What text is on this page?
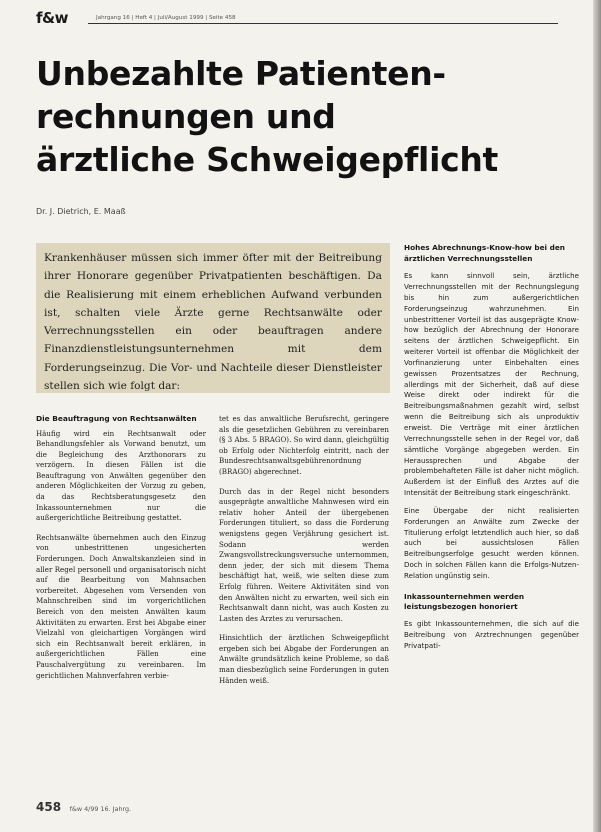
f&w	Jahrgang 16 | Heft 4 | Juli/August 1999 | Seite 458
Unbezahlte Patienten-
rechnungen und
ärztliche Schweigepflicht
Dr. J. Dietrich, E. Maaß

Krankenhäuser müssen sich immer öfter mit der Beitreibung ihrer Honorare gegenüber Privatpatienten beschäftigen. Da die Realisierung mit einem erheblichen Aufwand verbunden ist, schalten viele Ärzte gerne Rechtsanwälte oder Verrechnungsstellen ein oder beauftragen andere Finanzdienstleistungsunternehmen mit dem Forderungseinzug. Die Vor- und Nachteile dieser Dienstleister stellen sich wie folgt dar:

Die Beauftragung von Rechtsanwälten

Häufig wird ein Rechtsanwalt oder Behandlungsfehler als Vorwand benutzt, um die Begleichung des Arzthonorars zu verzögern. In diesen Fällen ist die Beauftragung von Anwälten gegenüber den anderen Möglichkeiten der Vorzug zu geben, da das Rechtsberatungsgesetz den Inkassounternehmen nur die außergerichtliche Beitreibung gestattet.

Rechtsanwälte übernehmen auch den Einzug von unbestrittenen ungesicherten Forderungen. Doch Anwaltskanzleien sind in aller Regel personell und organisatorisch nicht auf die Bearbeitung von Mahnsachen vorbereitet. Abgesehen vom Versenden von Mahnschreiben sind im vorgerichtlichen Bereich von den meisten Anwälten kaum Aktivitäten zu erwarten. Erst bei Abgabe einer Vielzahl von gleichartigen Vorgängen wird sich ein Rechtsanwalt bereit erklären, in außergerichtlichen Fällen eine Pauschalvergütung zu vereinbaren. Im gerichtlichen Mahnverfahren verbie-

tet es das anwaltliche Berufsrecht, geringere als die gesetzlichen Gebühren zu vereinbaren (§ 3 Abs. 5 BRAGO). So wird dann, gleichgültig ob Erfolg oder Nichterfolg eintritt, nach der Bundesrechtsanwaltsgebührenordnung (BRAGO) abgerechnet.

Durch das in der Regel nicht besonders ausgeprägte anwaltliche Mahnwesen wird ein relativ hoher Anteil der übergebenen Forderungen tituliert, so dass die Forderung wenigstens gegen Verjährung gesichert ist. Sodann werden Zwangsvollstreckungsversuche unternommen, denn jeder, der sich mit diesem Thema beschäftigt hat, weiß, wie selten diese zum Erfolg führen. Weitere Aktivitäten sind von den Anwälten nicht zu erwarten, weil sich ein Rechtsanwalt dann nicht, was auch Kosten zu Lasten des Arztes zu verursachen.

Hinsichtlich der ärztlichen Schweigepflicht ergeben sich bei Abgabe der Forderungen an Anwälte grundsätzlich keine Probleme, so daß man diesbezüglich seine Forderungen in guten Händen weiß.

Hohes Abrechnungs-Know-how bei den ärztlichen Verrechnungsstellen

Es kann sinnvoll sein, ärztliche Verrechnungsstellen mit der Rechnungslegung bis hin zum außergerichtlichen Forderungseinzug wahrzunehmen. Ein unbestrittener Vorteil ist das ausgeprägte Know-how bezüglich der Abrechnung der Honorare seitens der ärztlichen Schweigepflicht. Ein weiterer Vorteil ist offenbar die Möglichkeit der Vorfinanzierung unter Einbehalten eines gewissen Prozentsatzes der Rechnung, allerdings mit der Sicherheit, daß auf diese Weise direkt oder indirekt für die Beitreibungsmaßnahmen gezahlt wird, selbst wenn die Beitreibung sich als unproduktiv erweist. Die Verträge mit einer ärztlichen Verrechnungsstelle sehen in der Regel vor, daß sämtliche Vorgänge abgegeben werden. Ein Heraussprechen und Abgabe der problembehafteten Fälle ist daher nicht möglich. Außerdem ist der Einfluß des Arztes auf die Intensität der Beitreibung stark eingeschränkt.

Eine Übergabe der nicht realisierten Forderungen an Anwälte zum Zwecke der Titulierung erfolgt letztendlich auch hier, so daß auch bei aussichtslosen Fällen Beitreibungserfolge gesucht werden können. Doch in solchen Fällen kann die Erfolgs-Nutzen-Relation ungünstig sein.

Inkassounternehmen werden leistungsbezogen honoriert

Es gibt Inkassounternehmen, die sich auf die Beitreibung von Arztrechnungen gegenüber Privatpati-

458 f&w 4/99 16. Jahrg.
